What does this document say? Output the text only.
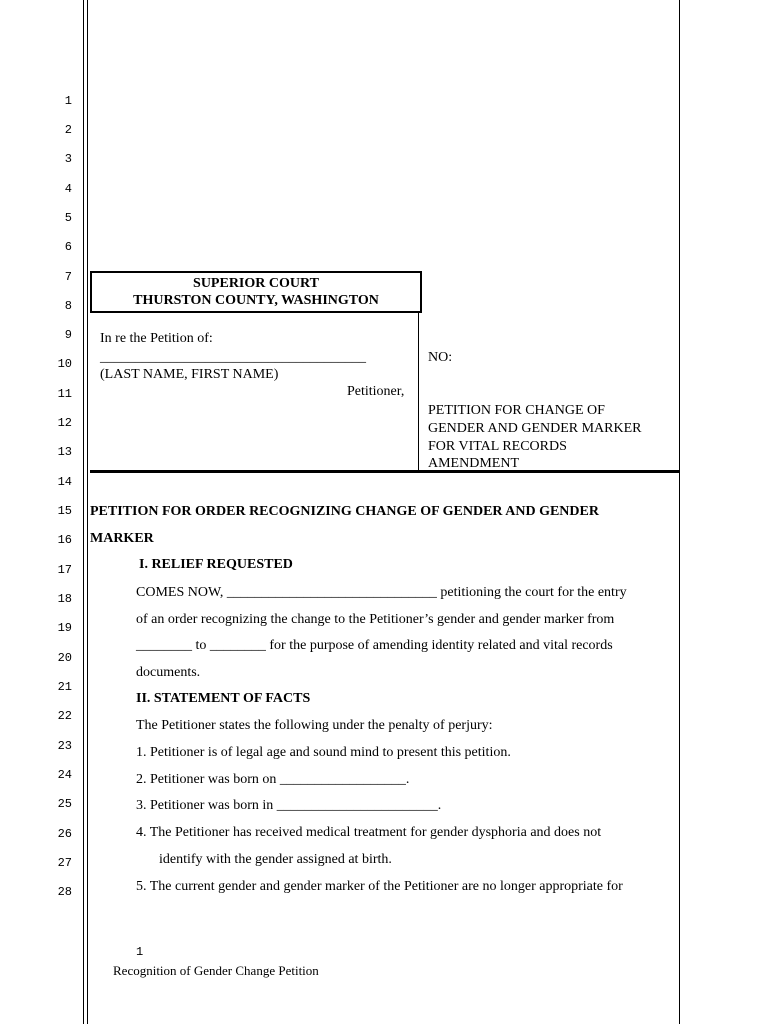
1
2
3
4
5
6
7
8
9
10
11
12
13
14
15
16
17
18
19
20
21
22
23
24
25
26
27
28
SUPERIOR COURT
THURSTON COUNTY, WASHINGTON
In re the Petition of:
______________________________________
(LAST NAME, FIRST NAME)
Petitioner,
NO:
PETITION FOR CHANGE OF
GENDER AND GENDER MARKER
FOR VITAL RECORDS
AMENDMENT
PETITION FOR ORDER RECOGNIZING CHANGE OF GENDER AND GENDER
MARKER
I. RELIEF REQUESTED
COMES NOW, ______________________________ petitioning the court for the entry
of an order recognizing the change to the Petitioner’s gender and gender marker from
________ to ________ for the purpose of amending identity related and vital records
documents.
II. STATEMENT OF FACTS
The Petitioner states the following under the penalty of perjury:
1. Petitioner is of legal age and sound mind to present this petition.
2. Petitioner was born on __________________.
3. Petitioner was born in _______________________.
4. The Petitioner has received medical treatment for gender dysphoria and does not
identify with the gender assigned at birth.
5. The current gender and gender marker of the Petitioner are no longer appropriate for
1
Recognition of Gender Change Petition
